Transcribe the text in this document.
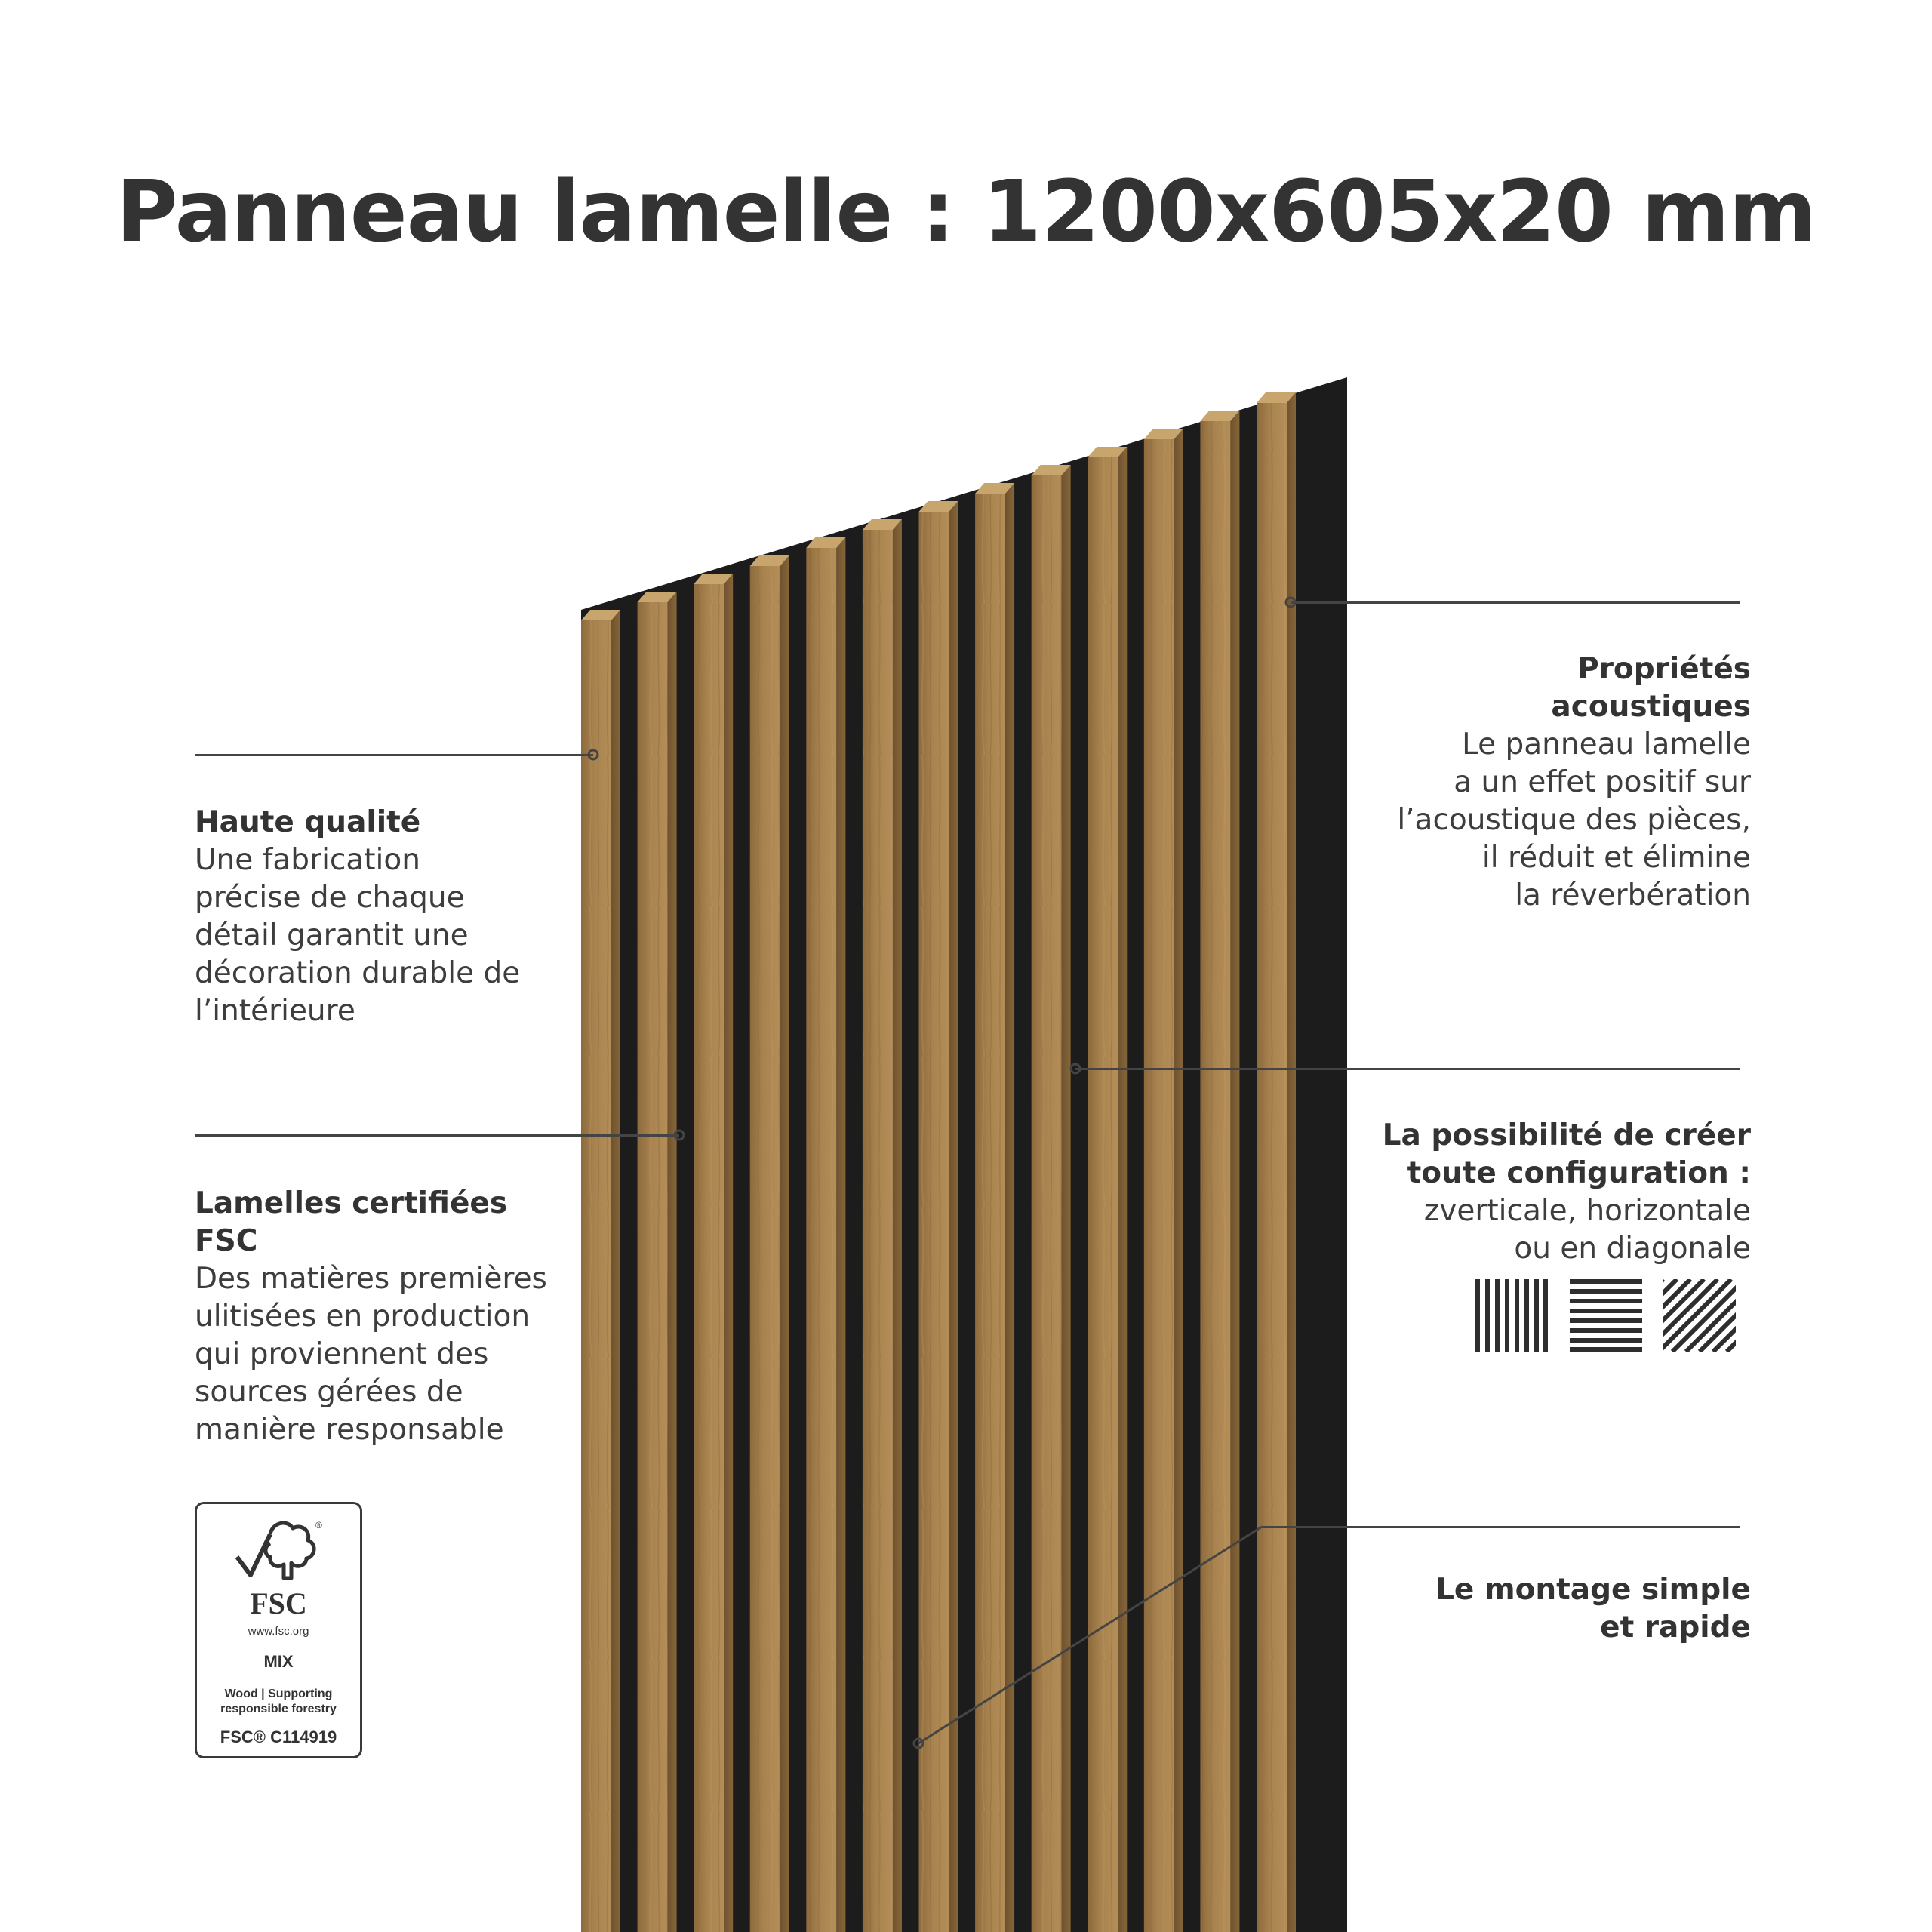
Panneau lamelle : 1200x605x20 mm
Haute qualité
Une fabrication
précise de chaque
détail garantit une
décoration durable de
l’intérieure
Lamelles certifiées
FSC
Des matières premières
ulitisées en production
qui proviennent des
sources gérées de
manière responsable
Propriétés
acoustiques
Le panneau lamelle
a un effet positif sur
l’acoustique des pièces,
il réduit et élimine
la réverbération
La possibilité de créer
toute configuration :
zverticale, horizontale
ou en diagonale
Le montage simple
et rapide
®
FSC
www.fsc.org
MIX
Wood | Supporting
responsible forestry
FSC® C114919
